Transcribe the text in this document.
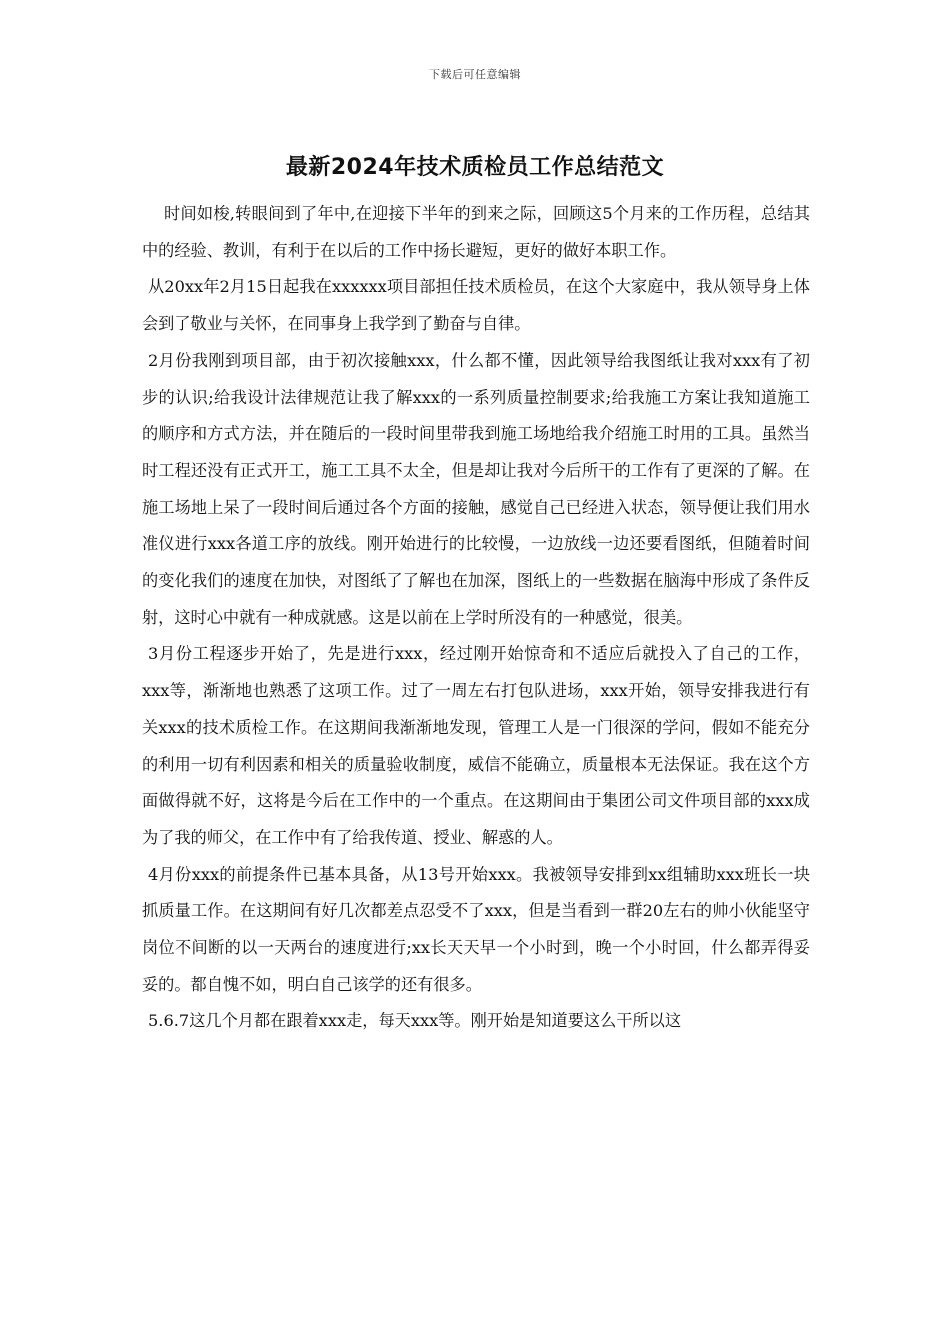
下载后可任意编辑
最新2024年技术质检员工作总结范文

时间如梭,转眼间到了年中,在迎接下半年的到来之际，回顾这5个月来的工作历程，总结其中的经验、教训，有利于在以后的工作中扬长避短，更好的做好本职工作。

从20xx年2月15日起我在xxxxxx项目部担任技术质检员，在这个大家庭中，我从领导身上体会到了敬业与关怀，在同事身上我学到了勤奋与自律。

2月份我刚到项目部，由于初次接触xxx，什么都不懂，因此领导给我图纸让我对xxx有了初步的认识;给我设计法律规范让我了解xxx的一系列质量控制要求;给我施工方案让我知道施工的顺序和方式方法，并在随后的一段时间里带我到施工场地给我介绍施工时用的工具。虽然当时工程还没有正式开工，施工工具不太全，但是却让我对今后所干的工作有了更深的了解。在施工场地上呆了一段时间后通过各个方面的接触，感觉自己已经进入状态，领导便让我们用水准仪进行xxx各道工序的放线。刚开始进行的比较慢，一边放线一边还要看图纸，但随着时间的变化我们的速度在加快，对图纸了了解也在加深，图纸上的一些数据在脑海中形成了条件反射，这时心中就有一种成就感。这是以前在上学时所没有的一种感觉，很美。

3月份工程逐步开始了，先是进行xxx，经过刚开始惊奇和不适应后就投入了自己的工作，xxx等，渐渐地也熟悉了这项工作。过了一周左右打包队进场，xxx开始，领导安排我进行有关xxx的技术质检工作。在这期间我渐渐地发现，管理工人是一门很深的学问，假如不能充分的利用一切有利因素和相关的质量验收制度，威信不能确立，质量根本无法保证。我在这个方面做得就不好，这将是今后在工作中的一个重点。在这期间由于集团公司文件项目部的xxx成为了我的师父，在工作中有了给我传道、授业、解惑的人。

4月份xxx的前提条件已基本具备，从13号开始xxx。我被领导安排到xx组辅助xxx班长一块抓质量工作。在这期间有好几次都差点忍受不了xxx，但是当看到一群20左右的帅小伙能坚守岗位不间断的以一天两台的速度进行;xx长天天早一个小时到，晚一个小时回，什么都弄得妥妥的。都自愧不如，明白自己该学的还有很多。

5.6.7这几个月都在跟着xxx走，每天xxx等。刚开始是知道要这么干所以这
